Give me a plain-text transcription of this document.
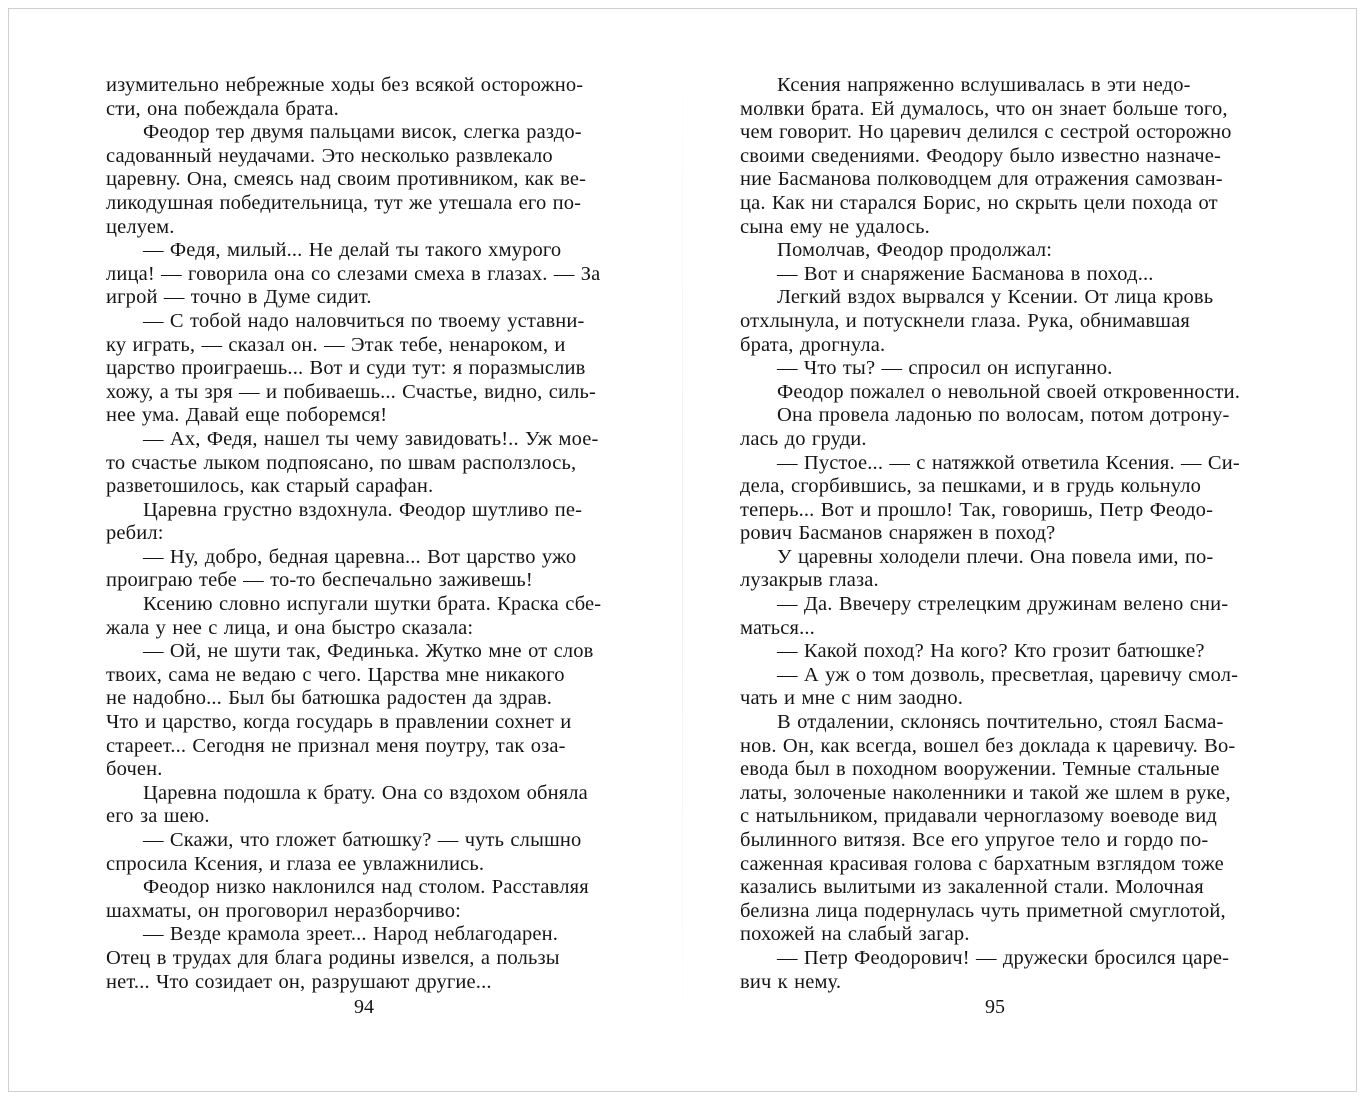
изумительно небрежные ходы без всякой осторожно-
сти, она побеждала брата.
Феодор тер двумя пальцами висок, слегка раздо-
садованный неудачами. Это несколько развлекало
царевну. Она, смеясь над своим противником, как ве-
ликодушная победительница, тут же утешала его по-
целуем.
— Федя, милый... Не делай ты такого хмурого
лица! — говорила она со слезами смеха в глазах. — За
игрой — точно в Думе сидит.
— С тобой надо наловчиться по твоему уставни-
ку играть, — сказал он. — Этак тебе, ненароком, и
царство проиграешь... Вот и суди тут: я поразмыслив
хожу, а ты зря — и побиваешь... Счастье, видно, силь-
нее ума. Давай еще поборемся!
— Ах, Федя, нашел ты чему завидовать!.. Уж мое-
то счастье лыком подпоясано, по швам расползлось,
разветошилось, как старый сарафан.
Царевна грустно вздохнула. Феодор шутливо пе-
ребил:
— Ну, добро, бедная царевна... Вот царство ужо
проиграю тебе — то-то беспечально заживешь!
Ксению словно испугали шутки брата. Краска сбе-
жала у нее с лица, и она быстро сказала:
— Ой, не шути так, Фединька. Жутко мне от слов
твоих, сама не ведаю с чего. Царства мне никакого
не надобно... Был бы батюшка радостен да здрав.
Что и царство, когда государь в правлении сохнет и
стареет... Сегодня не признал меня поутру, так оза-
бочен.
Царевна подошла к брату. Она со вздохом обняла
его за шею.
— Скажи, что гложет батюшку? — чуть слышно
спросила Ксения, и глаза ее увлажнились.
Феодор низко наклонился над столом. Расставляя
шахматы, он проговорил неразборчиво:
— Везде крамола зреет... Народ неблагодарен.
Отец в трудах для блага родины извелся, а пользы
нет... Что созидает он, разрушают другие...
94
Ксения напряженно вслушивалась в эти недо-
молвки брата. Ей думалось, что он знает больше того,
чем говорит. Но царевич делился с сестрой осторожно
своими сведениями. Феодору было известно назначе-
ние Басманова полководцем для отражения самозван-
ца. Как ни старался Борис, но скрыть цели похода от
сына ему не удалось.
Помолчав, Феодор продолжал:
— Вот и снаряжение Басманова в поход...
Легкий вздох вырвался у Ксении. От лица кровь
отхлынула, и потускнели глаза. Рука, обнимавшая
брата, дрогнула.
— Что ты? — спросил он испуганно.
Феодор пожалел о невольной своей откровенности.
Она провела ладонью по волосам, потом дотрону-
лась до груди.
— Пустое... — с натяжкой ответила Ксения. — Си-
дела, сгорбившись, за пешками, и в грудь кольнуло
теперь... Вот и прошло! Так, говоришь, Петр Феодо-
рович Басманов снаряжен в поход?
У царевны холодели плечи. Она повела ими, по-
лузакрыв глаза.
— Да. Ввечеру стрелецким дружинам велено сни-
маться...
— Какой поход? На кого? Кто грозит батюшке?
— А уж о том дозволь, пресветлая, царевичу смол-
чать и мне с ним заодно.
В отдалении, склонясь почтительно, стоял Басма-
нов. Он, как всегда, вошел без доклада к царевичу. Во-
евода был в походном вооружении. Темные стальные
латы, золоченые наколенники и такой же шлем в руке,
с натыльником, придавали черноглазому воеводе вид
былинного витязя. Все его упругое тело и гордо по-
саженная красивая голова с бархатным взглядом тоже
казались вылитыми из закаленной стали. Молочная
белизна лица подернулась чуть приметной смуглотой,
похожей на слабый загар.
— Петр Феодорович! — дружески бросился царе-
вич к нему.
95
